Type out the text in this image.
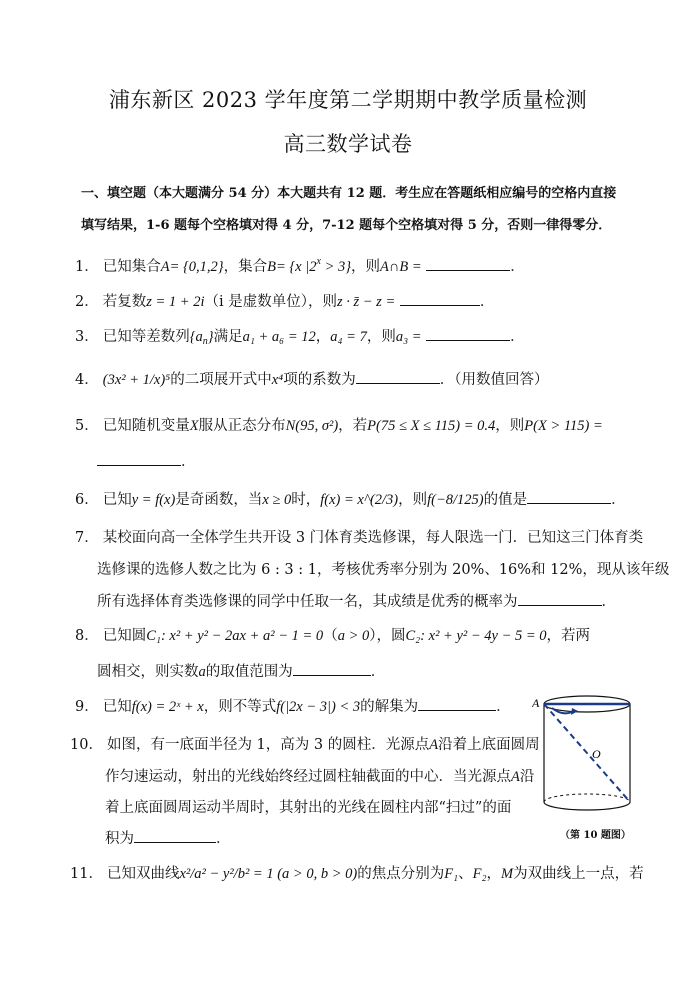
浦东新区 2023 学年度第二学期期中教学质量检测
高三数学试卷
一、填空题（本大题满分 54 分）本大题共有 12 题．考生应在答题纸相应编号的空格内直接
填写结果，1-6 题每个空格填对得 4 分，7-12 题每个空格填对得 5 分，否则一律得零分．
1． 已知集合A= {0,1,2}，集合B= {x $|2^x > 3$}，则A∩B =	．
2． 若复数z = 1 + 2i（i 是虚数单位），则z · z̄ − z =	．
3． 已知等差数列$\{a_n\}$满足a₁ + a₆ = 12，a₄ = 7，则a₃ =	．
4． (3x² + 1/x)⁵的二项展开式中x⁴项的系数为	．（用数值回答）
5． 已知随机变量X服从正态分布N(95, σ²)，若P(75 ≤ X ≤ 115) = 0.4，则P(X > 115) =
．
6． 已知y = f(x)是奇函数，当x ≥ 0时，f(x) = x^(2/3)，则f(−8/125)的值是	．
7． 某校面向高一全体学生共开设 3 门体育类选修课，每人限选一门．已知这三门体育类
选修课的选修人数之比为 6 : 3 : 1，考核优秀率分别为 20%、16%和 12%，现从该年级
所有选择体育类选修课的同学中任取一名，其成绩是优秀的概率为	．
8． 已知圆C₁: x² + y² − 2ax + a² − 1 = 0（a > 0），圆C₂: x² + y² − 4y − 5 = 0，若两
圆相交，则实数a的取值范围为	．
9． 已知f(x) = 2ˣ + x，则不等式f(|2x − 3|) < 3的解集为	．
10． 如图，有一底面半径为 1，高为 3 的圆柱．光源点A沿着上底面圆周
作匀速运动，射出的光线始终经过圆柱轴截面的中心．当光源点A沿
着上底面圆周运动半周时，其射出的光线在圆柱内部“扫过”的面
积为	．
A
O
（第 10 题图）
11． 已知双曲线x²/a² − y²/b² = 1 (a > 0, b > 0)的焦点分别为F₁、F₂，M为双曲线上一点，若
